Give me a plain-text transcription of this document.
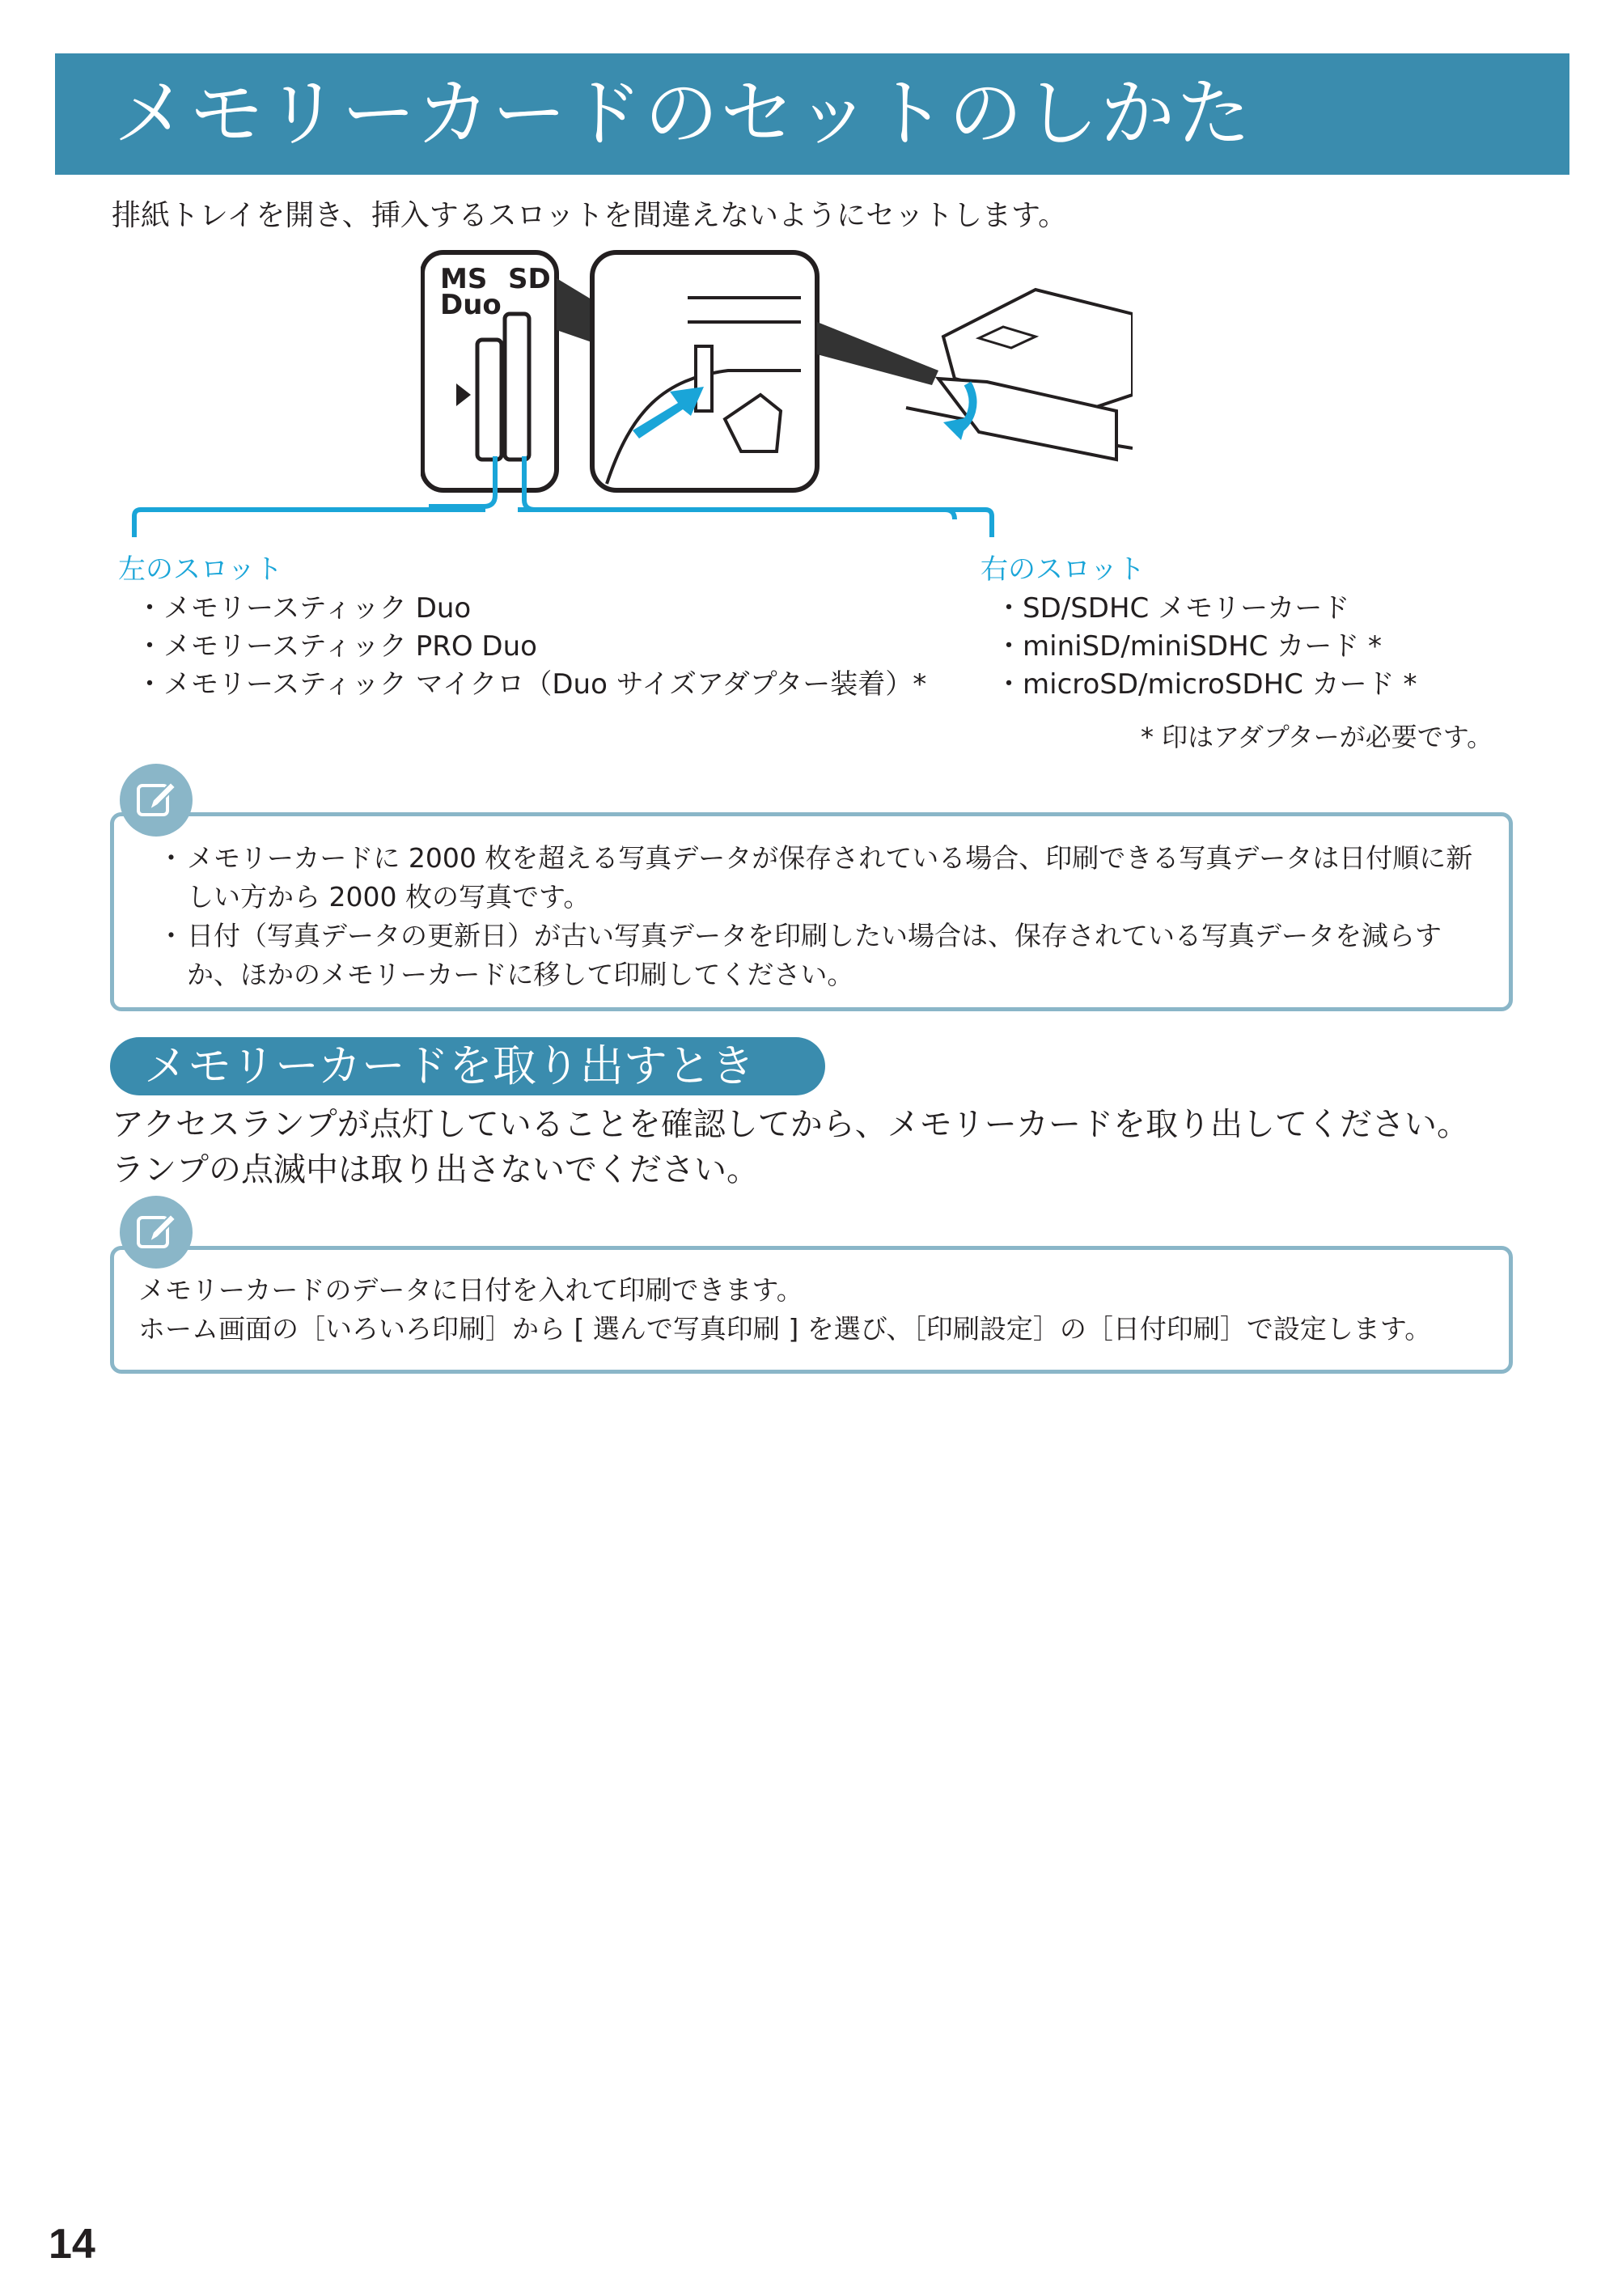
メモリーカードのセットのしかた
排紙トレイを開き、挿入するスロットを間違えないようにセットします。
MS
Duo
SD
左のスロット
・ メモリースティック Duo
・ メモリースティック PRO Duo
・ メモリースティック マイクロ（Duo サイズアダプター装着）*
右のスロット
・ SD/SDHC メモリーカード
・ miniSD/miniSDHC カード *
・ microSD/microSDHC カード *
* 印はアダプターが必要です。
・ メモリーカードに 2000 枚を超える写真データが保存されている場合、印刷できる写真データは日付順に新しい方から 2000 枚の写真です。
・ 日付（写真データの更新日）が古い写真データを印刷したい場合は、保存されている写真データを減らすか、ほかのメモリーカードに移して印刷してください。
メモリーカードを取り出すとき
アクセスランプが点灯していることを確認してから、メモリーカードを取り出してください。
ランプの点滅中は取り出さないでください。
メモリーカードのデータに日付を入れて印刷できます。
ホーム画面の［いろいろ印刷］から [ 選んで写真印刷 ] を選び、［印刷設定］の［日付印刷］で設定します。
14
